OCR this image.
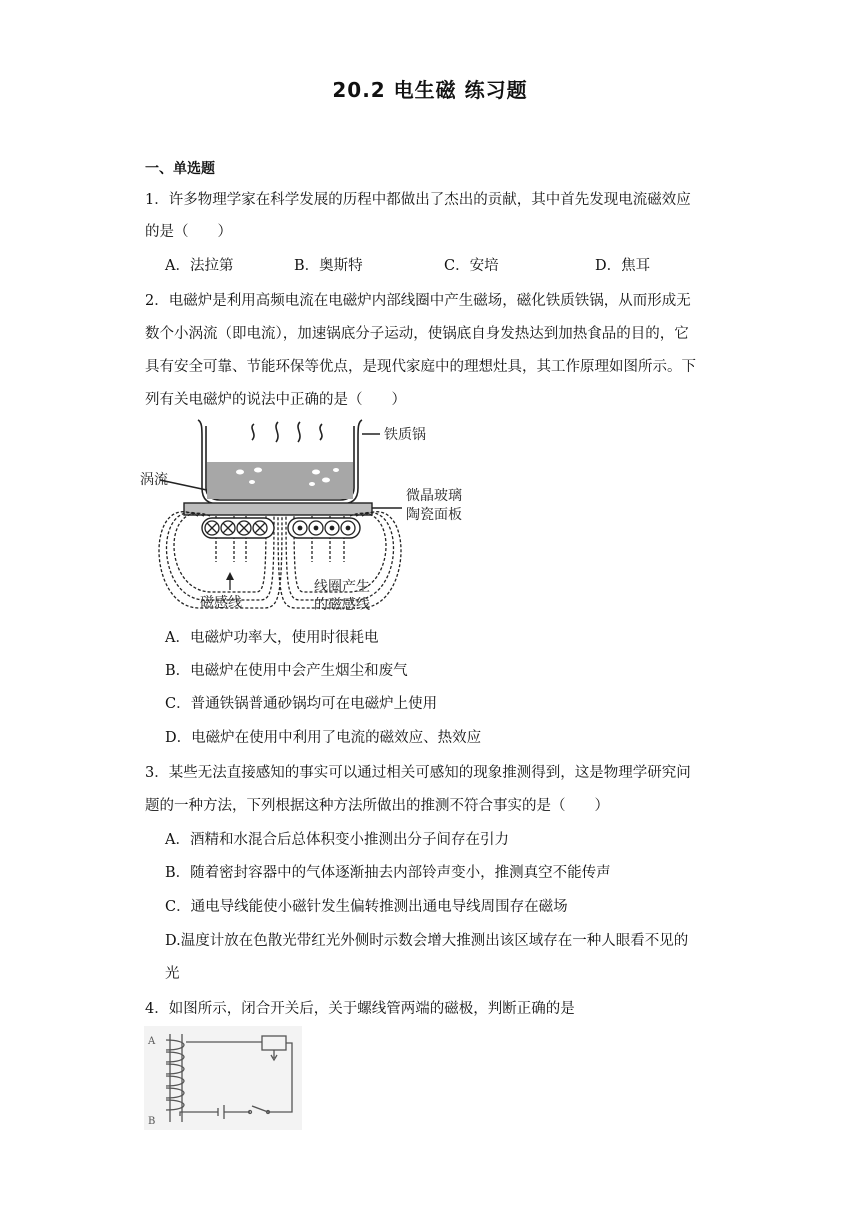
20.2 电生磁 练习题
一、单选题
1．许多物理学家在科学发展的历程中都做出了杰出的贡献，其中首先发现电流磁效应
的是（　　）
A．法拉第	B．奥斯特	C．安培	D．焦耳
2．电磁炉是利用高频电流在电磁炉内部线圈中产生磁场，磁化铁质铁锅，从而形成无
数个小涡流（即电流），加速锅底分子运动，使锅底自身发热达到加热食品的目的，它
具有安全可靠、节能环保等优点，是现代家庭中的理想灶具，其工作原理如图所示。下
列有关电磁炉的说法中正确的是（　　）
铁质锅
涡流
微晶玻璃
陶瓷面板
磁感线
线圈产生
的磁感线
A．电磁炉功率大，使用时很耗电
B．电磁炉在使用中会产生烟尘和废气
C．普通铁锅普通砂锅均可在电磁炉上使用
D．电磁炉在使用中利用了电流的磁效应、热效应
3．某些无法直接感知的事实可以通过相关可感知的现象推测得到，这是物理学研究问
题的一种方法，下列根据这种方法所做出的推测不符合事实的是（　　）
A．酒精和水混合后总体积变小推测出分子间存在引力
B．随着密封容器中的气体逐渐抽去内部铃声变小，推测真空不能传声
C．通电导线能使小磁针发生偏转推测出通电导线周围存在磁场
D.温度计放在色散光带红光外侧时示数会增大推测出该区域存在一种人眼看不见的
光
4．如图所示，闭合开关后，关于螺线管两端的磁极，判断正确的是
A
B
